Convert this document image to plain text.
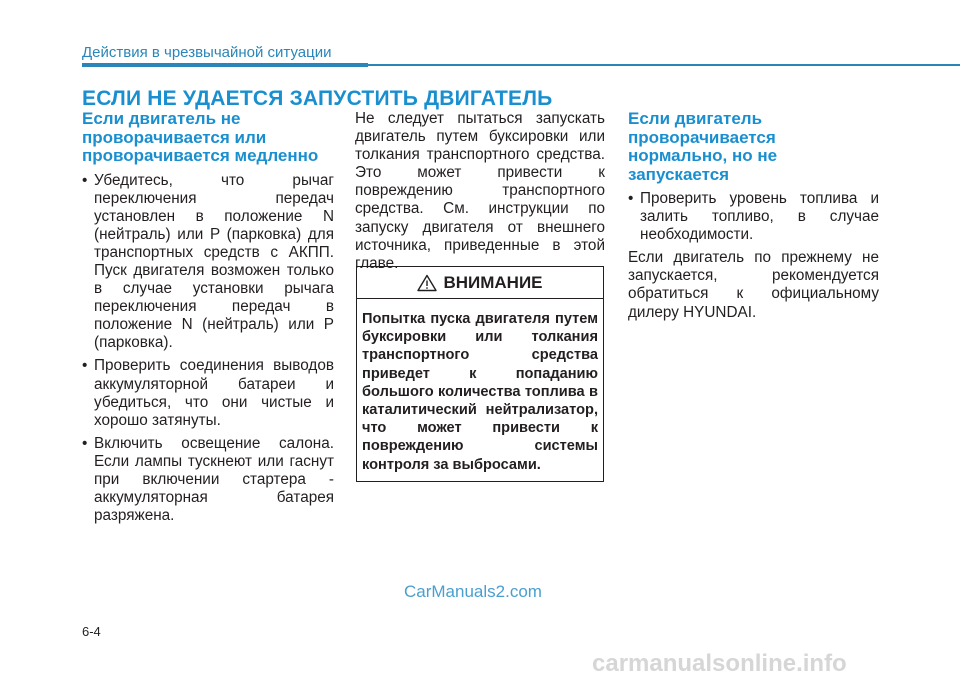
Действия в чрезвычайной ситуации
ЕСЛИ НЕ УДАЕТСЯ ЗАПУСТИТЬ ДВИГАТЕЛЬ
Если двигатель не проворачивается или проворачивается медленно
• Убедитесь, что рычаг переключения передач установлен в положение N (нейтраль) или P (парковка) для транспортных средств с АКПП. Пуск двигателя возможен только в случае установки рычага переключения передач в положение N (нейтраль) или P (парковка).
• Проверить соединения выводов аккумуляторной батареи и убедиться, что они чистые и хорошо затянуты.
• Включить освещение салона. Если лампы тускнеют или гаснут при включении стартера - аккумуляторная батарея разряжена.

Не следует пытаться запускать двигатель путем буксировки или толкания транспортного средства. Это может привести к повреждению транспортного средства. См. инструкции по запуску двигателя от внешнего источника, приведенные в этой главе.

ВНИМАНИЕ
Попытка пуска двигателя путем буксировки или толкания транспортного средства приведет к попаданию большого количества топлива в каталитический нейтрализатор, что может привести к повреждению системы контроля за выбросами.
Если двигатель проворачивается нормально, но не запускается
• Проверить уровень топлива и залить топливо, в случае необходимости.

Если двигатель по прежнему не запускается, рекомендуется обратиться к официальному дилеру HYUNDAI.

CarManuals2.com
6-4
carmanualsonline.info
